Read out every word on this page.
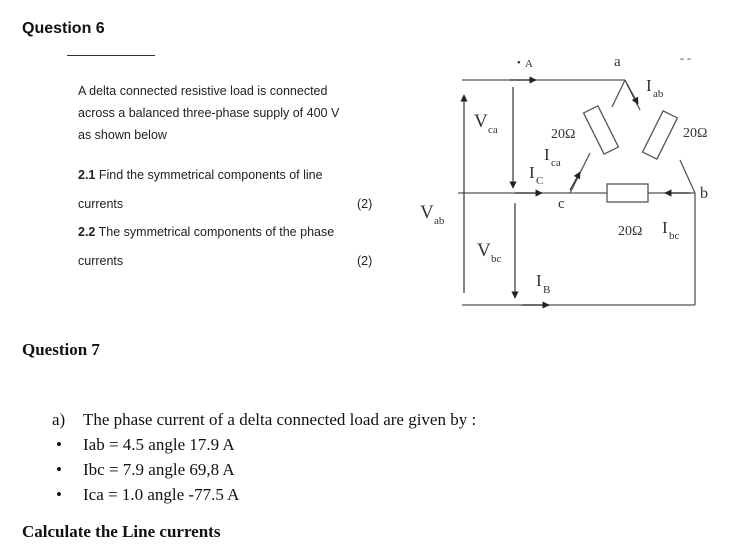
Question 6
A delta connected resistive load is connected
across a balanced three-phase supply of 400 V
as shown below
2.1 Find the symmetrical components of line
currents	(2)
2.2 The symmetrical components of the phase
currents	(2)
• A	a
b
c
- -
20Ω	20Ω
20Ω
I ab
I ca
I C
I bc
I B
V ca
V ab
V bc
Question 7
a) The phase current of a delta connected load are given by :
• Iab = 4.5 angle 17.9 A
• Ibc = 7.9 angle 69,8 A
• Ica = 1.0 angle -77.5 A
Calculate the Line currents
